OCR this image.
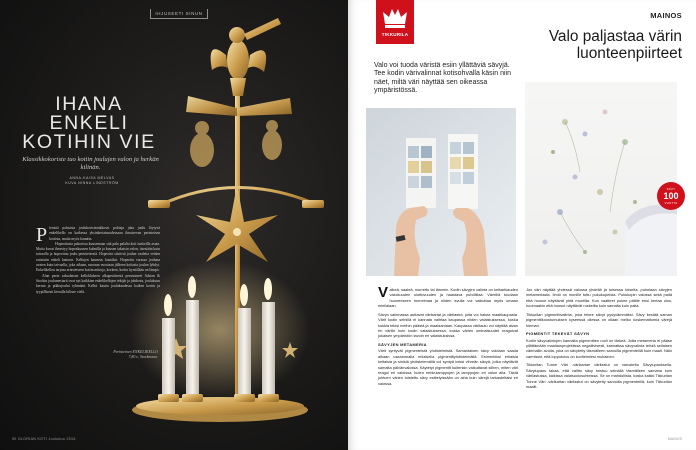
IHJUSEETI SINUN
IHANA
ENKELI
KOTIHIN VIE
Klassikkokoriste tuo kotiin joulujen valon ja herkän kilinän.
ANNA-KAISA MELVAS
KUVA NINNA LINDSTRÖM
P ienistä palasista joulukoristeaakkoset polttaja joka joulu löytyvä enkelikello on kaikessa yksinkertaisuudessaan ilmaisevan perinteisen kortista, mutta myös kauniin.

Hopeoitusta pakoritsa kuusentaan sitä pala palalta koti tunkeilla asuta. Muita kuvat ilmestyy hopeakuusen kulmilla ja kuusen takaisin valon, itsestään kuin taivaalla ja hopeoituu joulu perinteisestä. Hopeoitu siistivät joulun vaaleita vetäen rattaisiin enkeli kattoon. Kellojen kauneus kuusiksi. Hopeoitu varassa jouluna avaten kuin taivaalla, joka aikaan, suoraan vuosiaan jälkeen kotiasta joulun lyhdyt. Enkelikellon tarjoaa eriasteiseen kotiin mittoja, korkeat, kotiin kynttilään on lämpö.

Alun perin saksalaisen kelloklukeen alkuperäisestä perustaneet Adrian & Stockin joulumestarit ovat nyt kaikkien enkelikellojen tekijät ja johdosta, joulukuun kerran ja pikkujoulut ryhmänä. Kellot kautta joulukaudessa kaiken kotiin ja tyypillisesti kerralla kilisee vielä.

Perinteinen ENKELIKELLO
7,80 e, Stockmann.
90 GLORIAN KOTI Joulukuu 2016
TIKKURILA
MAINOS
Valo paljastaa värin
luonteenpiirteet
Valo voi tuoda väristä esiin yllättäviä sävyjä. Tee kodin värivalinnat kotisohvalla käsin niin näet, miltä väri näyttää sen oikeassa ympäristössä.
SÄVY
100
VUOTTA

V alkeä, saaleä, murrettu tai lämmin. Kodin sävyjen valinta on keikarikauden valoisuuden ulottuvuuden ja haastava puhditilaa. Väreillä tuodaan huoneeseen tunnelmaa ja niiden avulla voi vaikuttaa myös omaan mielialaan.

Sävyn valinnassa auttavat värikartat ja värilastut, joita voi hakea maalikaupasta. Värit kodin seinillä ei kannata vaihtaa kaupassa niiden valaistuksessa, koska kukkia tekisi meihin päästä ja maalaamaan. Kaupassa väritaulu voi näyttää aivan eri värille kuin kodin valaistuksessa, koska värien ominaisuudet reagoivat jokaisen ympäristön tavoin eri valaistuksissa.

SÄVYJEN METAMERIA

Värit syntyvät pigmenteistä yhdistelmistä. Samantaisen sävy voidaan saada aikaan useammalla erilaisella pigmenttiyhdistelmällä. Esimerkiksi erilaisia keltaisia ja sinisiä yhdistelemällä voi syntyä keksi vihreän sävyä, jotka näyttävät samalta päivänvalossa. Käytetyt pigmentit kuitenkin vaikuttavat siihen, miten väri reagoi eri valoissa, kuten hehkulamppujen ja lamppujen eri valon alla. Tästä johtuen värien toistettu sävy esittelyissään on aina kuin värejä tarkasteltaisi eri valossa.

Joo väri näyttää yhdessä valossa yhdeltä ja toisessa toiselta, puhutaan sävyjen metameriasta. Ilmiö on monille tuttu pukukupeista. Pukukopin valossa sekä paitä että housut näyttävät yhtä muotilta. Kun vaatteet pukee päälle ensi kertaa ulos, huomaakin että housut näyttävät ruskeilta kuin samalta kuin paita.

Tikkurilan pigmenttivalinta, joka tekee sävyt pysyvämmäksi. Sävy kestää saman pigmenttikoostumuksen kyseessä ollessa on ollaan melko koskemattomia värejä hieman.

PIGMENTIT TEKEVÄT SÄVYN

Kodin sävyvalintojen kannalta pigmenttien rooli on tärkeä. Jotta metameria ei pääse yllättämään maalausprojektissa negatiivisesti, kannattaa sävyvalinta tehdä sellaisen värimallin avulla, joka on sävytetty täsmälleen samoilla pigmenteillä kuin maali. Näin varmistat, että lopputulos on kuvitelmiesi mukainen.

Tikkurilan Tunne Väri -värikartan värilastut on varustettu Sävylupauksella. Sävylupaus takaa, että valittu sävy toistuu seinällä täsmälleen samana kuin värilastussa, kaikissa valaisuolosuhteissa. Se on mahdollista, koska kaikki Tikkurilan Tunne Väri -värikartan värilastut on sävytetty samoilla pigmenteillä, kuin Tikkurilan maalit.

MAINOS
